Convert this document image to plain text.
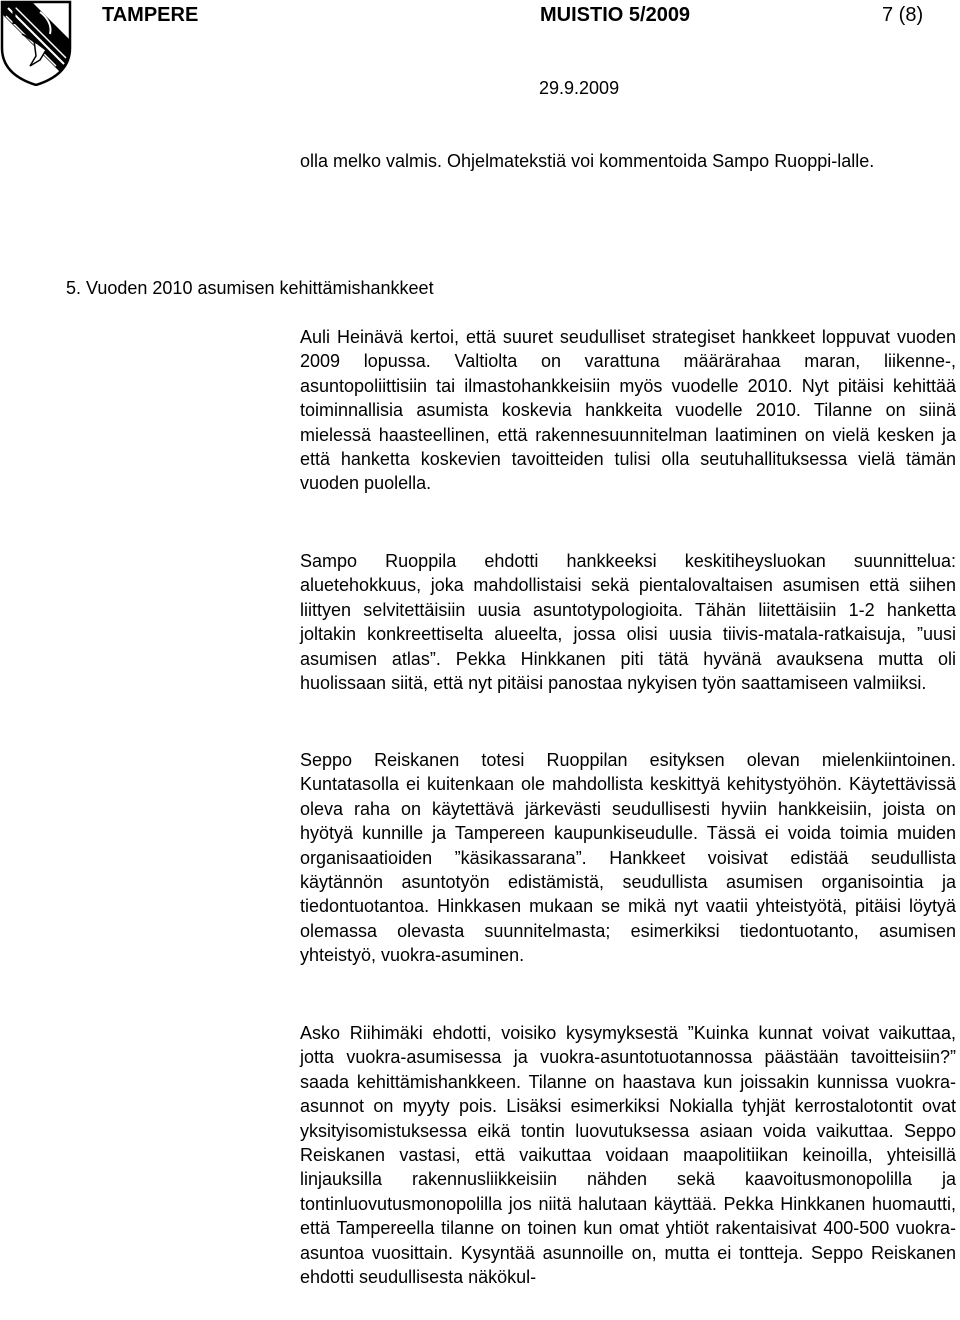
TAMPERE	MUISTIO 5/2009	7 (8)
29.9.2009
olla melko valmis. Ohjelmatekstiä voi kommentoida Sampo Ruoppi-lalle.
5. Vuoden 2010 asumisen kehittämishankkeet
Auli Heinävä kertoi, että suuret seudulliset strategiset hankkeet loppuvat vuoden 2009 lopussa. Valtiolta on varattuna määrärahaa maran, liikenne-, asuntopoliittisiin tai ilmastohankkeisiin myös vuodelle 2010. Nyt pitäisi kehittää toiminnallisia asumista koskevia hankkeita vuodelle 2010. Tilanne on siinä mielessä haasteellinen, että rakennesuunnitelman laatiminen on vielä kesken ja että hanketta koskevien tavoitteiden tulisi olla seutuhallituksessa vielä tämän vuoden puolella.
Sampo Ruoppila ehdotti hankkeeksi keskitiheysluokan suunnittelua: aluetehokkuus, joka mahdollistaisi sekä pientalovaltaisen asumisen että siihen liittyen selvitettäisiin uusia asuntotypologioita. Tähän liitettäisiin 1-2 hanketta joltakin konkreettiselta alueelta, jossa olisi uusia tiivis-matala-ratkaisuja, ”uusi asumisen atlas”. Pekka Hinkkanen piti tätä hyvänä avauksena mutta oli huolissaan siitä, että nyt pitäisi panostaa nykyisen työn saattamiseen valmiiksi.
Seppo Reiskanen totesi Ruoppilan esityksen olevan mielenkiintoinen. Kuntatasolla ei kuitenkaan ole mahdollista keskittyä kehitystyöhön. Käytettävissä oleva raha on käytettävä järkevästi seudullisesti hyviin hankkeisiin, joista on hyötyä kunnille ja Tampereen kaupunkiseudulle. Tässä ei voida toimia muiden organisaatioiden ”käsikassarana”. Hankkeet voisivat edistää seudullista käytännön asuntotyön edistämistä, seudullista asumisen organisointia ja tiedontuotantoa. Hinkkasen mukaan se mikä nyt vaatii yhteistyötä, pitäisi löytyä olemassa olevasta suunnitelmasta; esimerkiksi tiedontuotanto, asumisen yhteistyö, vuokra-asuminen.
Asko Riihimäki ehdotti, voisiko kysymyksestä ”Kuinka kunnat voivat vaikuttaa, jotta vuokra-asumisessa ja vuokra-asuntotuotannossa päästään tavoitteisiin?” saada kehittämishankkeen. Tilanne on haastava kun joissakin kunnissa vuokra-asunnot on myyty pois. Lisäksi esimerkiksi Nokialla tyhjät kerrostalotontit ovat yksityisomistuksessa eikä tontin luovutuksessa asiaan voida vaikuttaa. Seppo Reiskanen vastasi, että vaikuttaa voidaan maapolitiikan keinoilla, yhteisillä linjauksilla rakennusliikkeisiin nähden sekä kaavoitusmonopolilla ja tontinluovutusmonopolilla jos niitä halutaan käyttää. Pekka Hinkkanen huomautti, että Tampereella tilanne on toinen kun omat yhtiöt rakentaisivat 400-500 vuokra-asuntoa vuosittain. Kysyntää asunnoille on, mutta ei tontteja. Seppo Reiskanen ehdotti seudullisesta näkökul-
